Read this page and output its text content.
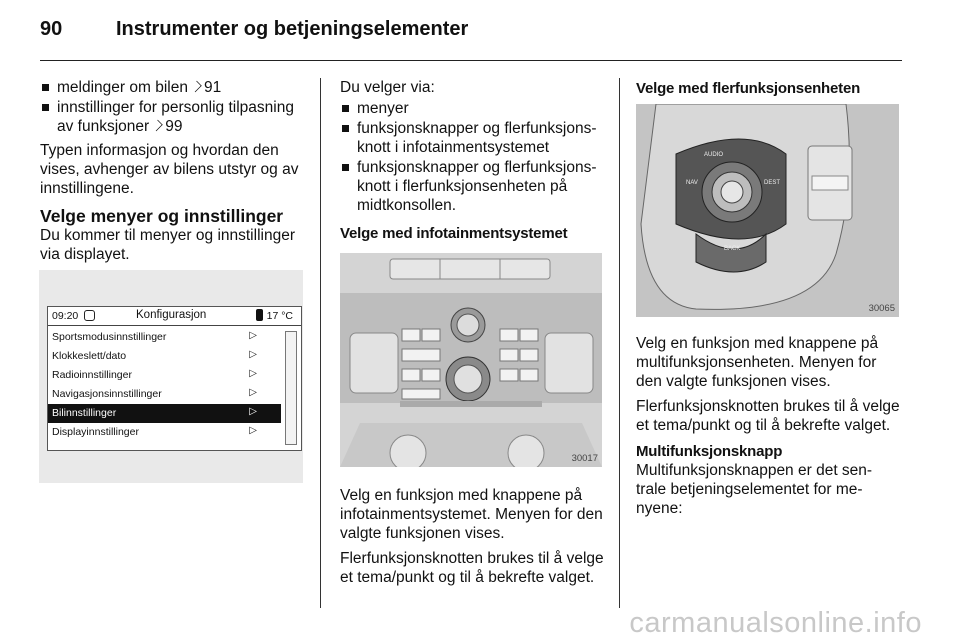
90	Instrumenter og betjeningselementer
meldinger om bilen 91
innstillinger for personlig tilpasning av funksjoner 99

Typen informasjon og hvordan den vises, avhenger av bilens utstyr og av innstillingene.

Velge menyer og innstillinger

Du kommer til menyer og innstillinger via displayet.

09:20	Konfigurasjon	17 °C
Sportsmodusinnstillinger	▷
Klokkeslett/dato	▷
Radioinnstillinger	▷
Navigasjonsinnstillinger	▷
Bilinnstillinger	▷
Displayinnstillinger	▷

Du velger via:

menyer
funksjonsknapper og flerfunksjons-knott i infotainmentsystemet
funksjonsknapper og flerfunksjons-knott i flerfunksjonsenheten på midtkonsollen.
Velge med infotainmentsystemet
30017

Velg en funksjon med knappene på infotainmentsystemet. Menyen for den valgte funksjonen vises.

Flerfunksjonsknotten brukes til å velge et tema/punkt og til å bekrefte valget.

Velge med flerfunksjonsenheten
AUDIO
NAV	DEST
BACK
30065

Velg en funksjon med knappene på multifunksjonsenheten. Menyen for den valgte funksjonen vises.

Flerfunksjonsknotten brukes til å velge et tema/punkt og til å bekrefte valget.

Multifunksjonsknapp

Multifunksjonsknappen er det sen-trale betjeningselementet for me-nyene:

carmanualsonline.info
